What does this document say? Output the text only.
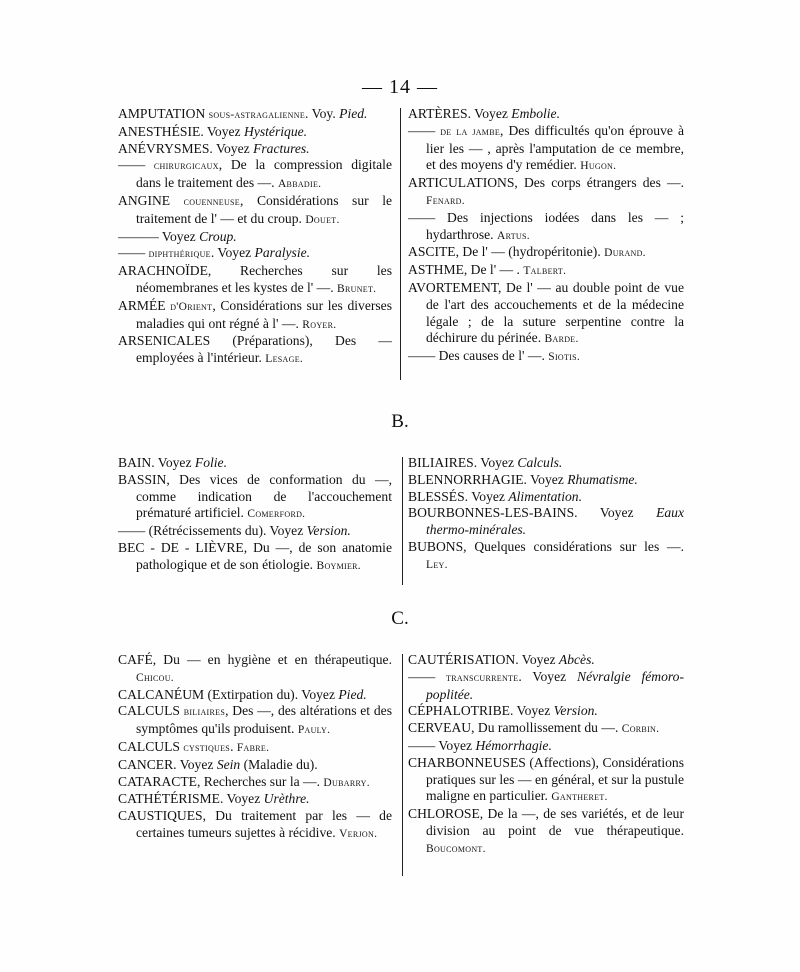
— 14 —

AMPUTATION sous-astragalienne. Voy. Pied.

ANESTHÉSIE. Voyez Hystérique.

ANÉVRYSMES. Voyez Fractures.

—— chirurgicaux, De la compression digitale dans le traitement des —. Abbadie.

ANGINE couenneuse, Considérations sur le traitement de l' — et du croup. Douet.

——— Voyez Croup.

—— diphthérique. Voyez Paralysie.

ARACHNOÏDE, Recherches sur les néomembranes et les kystes de l' —. Brunet.

ARMÉE d'Orient, Considérations sur les diverses maladies qui ont régné à l' —. Royer.

ARSENICALES (Préparations), Des — employées à l'intérieur. Lesage.

ARTÈRES. Voyez Embolie.

—— de la jambe, Des difficultés qu'on éprouve à lier les — , après l'amputation de ce membre, et des moyens d'y remédier. Hugon.

ARTICULATIONS, Des corps étrangers des —. Fenard.

—— Des injections iodées dans les — ; hydarthrose. Artus.

ASCITE, De l' — (hydropéritonie). Durand.

ASTHME, De l' — . Talbert.

AVORTEMENT, De l' — au double point de vue de l'art des accouchements et de la médecine légale ; de la suture serpentine contre la déchirure du périnée. Barde.

—— Des causes de l' —. Siotis.

B.

BAIN. Voyez Folie.

BASSIN, Des vices de conformation du —, comme indication de l'accouchement prématuré artificiel. Comerford.

—— (Rétrécissements du). Voyez Version.

BEC - DE - LIÈVRE, Du —, de son anatomie pathologique et de son étiologie. Boymier.

BILIAIRES. Voyez Calculs.

BLENNORRHAGIE. Voyez Rhumatisme.

BLESSÉS. Voyez Alimentation.

BOURBONNES-LES-BAINS. Voyez Eaux thermo-minérales.

BUBONS, Quelques considérations sur les —. Ley.

C.

CAFÉ, Du — en hygiène et en thérapeutique. Chicou.

CALCANÉUM (Extirpation du). Voyez Pied.

CALCULS biliaires, Des —, des altérations et des symptômes qu'ils produisent. Pauly.

CALCULS cystiques. Fabre.

CANCER. Voyez Sein (Maladie du).

CATARACTE, Recherches sur la —. Dubarry.

CATHÉTÉRISME. Voyez Urèthre.

CAUSTIQUES, Du traitement par les — de certaines tumeurs sujettes à récidive. Verjon.

CAUTÉRISATION. Voyez Abcès.

—— transcurrente. Voyez Névralgie fémoro-poplitée.

CÉPHALOTRIBE. Voyez Version.

CERVEAU, Du ramollissement du —. Corbin.

—— Voyez Hémorrhagie.

CHARBONNEUSES (Affections), Considérations pratiques sur les — en général, et sur la pustule maligne en particulier. Gantheret.

CHLOROSE, De la —, de ses variétés, et de leur division au point de vue thérapeutique. Boucomont.
